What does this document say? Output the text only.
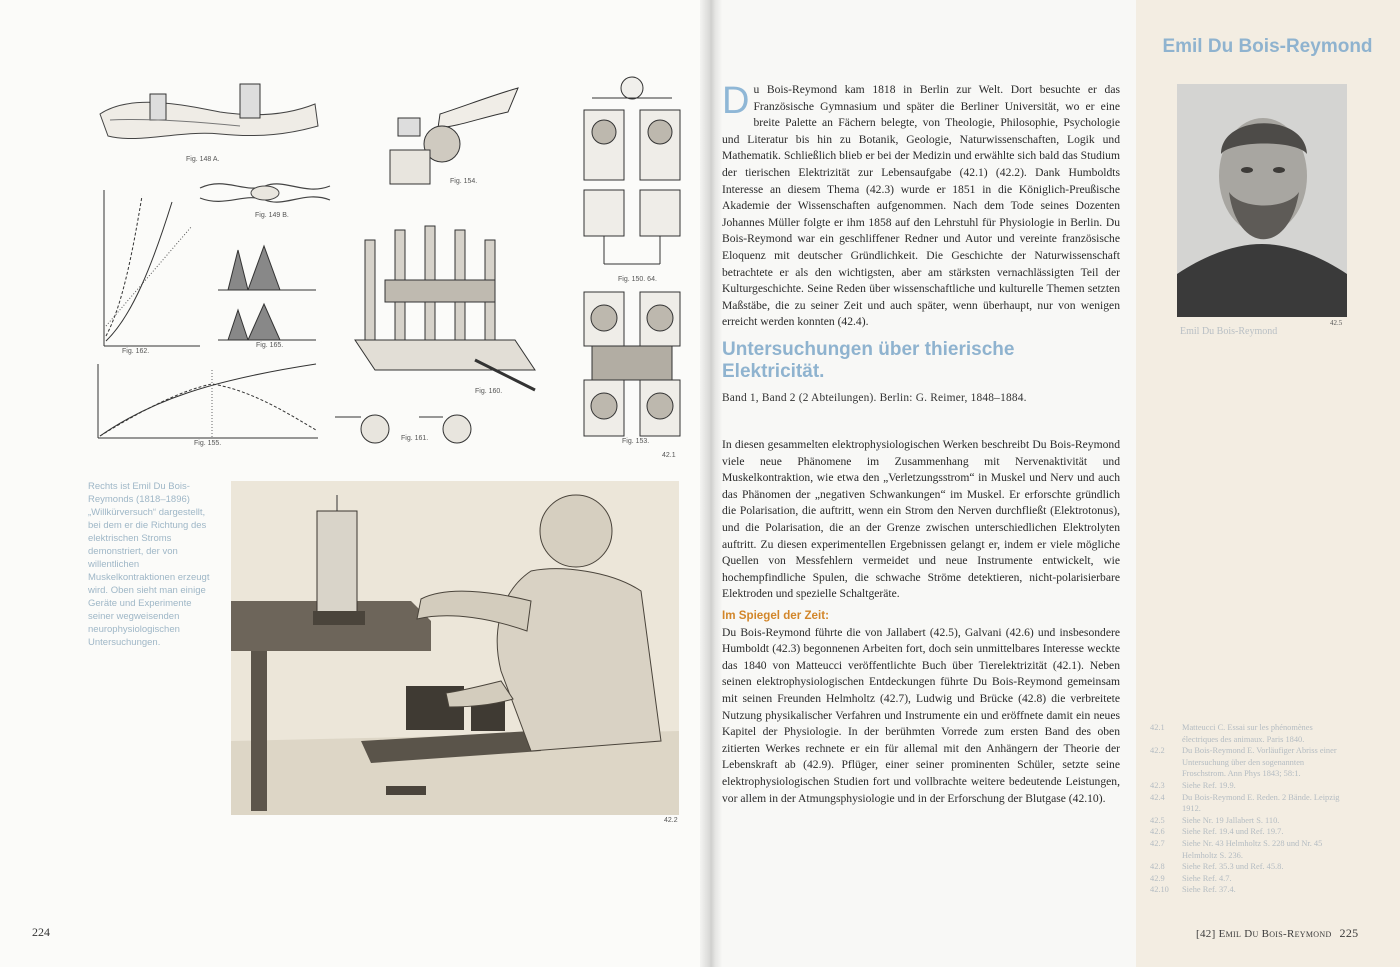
Fig. 148 A.
Fig. 149 B.
Fig. 154.
Fig. 162.
Fig. 165.
Fig. 155.
Fig. 160.
Fig. 161.
Fig. 150. 64.
Fig. 153.
42.1
42.2
Rechts ist Emil Du Bois-Reymonds (1818–1896) „Willkürversuch“ dargestellt, bei dem er die Richtung des elektrischen Stroms demonstriert, der von willentlichen Muskelkontraktionen erzeugt wird. Oben sieht man einige Geräte und Experimente seiner wegweisenden neurophysiologischen Untersuchungen.
224

Du Bois-Reymond kam 1818 in Berlin zur Welt. Dort besuchte er das Französische Gymnasium und später die Berliner Universität, wo er eine breite Palette an Fächern belegte, von Theologie, Philosophie, Psychologie und Literatur bis hin zu Botanik, Geologie, Naturwissenschaften, Logik und Mathematik. Schließlich blieb er bei der Medizin und erwählte sich bald das Studium der tierischen Elektrizität zur Lebensaufgabe (42.1) (42.2). Dank Humboldts Interesse an diesem Thema (42.3) wurde er 1851 in die Königlich-Preußische Akademie der Wissenschaften aufgenommen. Nach dem Tode seines Dozenten Johannes Müller folgte er ihm 1858 auf den Lehrstuhl für Physiologie in Berlin. Du Bois-Reymond war ein geschliffener Redner und Autor und vereinte französische Eloquenz mit deutscher Gründlichkeit. Die Geschichte der Naturwissenschaft betrachtete er als den wichtigsten, aber am stärksten vernachlässigten Teil der Kulturgeschichte. Seine Reden über wissenschaftliche und kulturelle Themen setzten Maßstäbe, die zu seiner Zeit und auch später, wenn überhaupt, nur von wenigen erreicht werden konnten (42.4).

Untersuchungen über thierische Elektricität.
Band 1, Band 2 (2 Abteilungen). Berlin: G. Reimer, 1848–1884.
In diesen gesammelten elektrophysiologischen Werken beschreibt Du Bois-Reymond viele neue Phänomene im Zusammenhang mit Nervenaktivität und Muskelkontraktion, wie etwa den „Verletzungsstrom“ in Muskel und Nerv und auch das Phänomen der „negativen Schwankungen“ im Muskel. Er erforschte gründlich die Polarisation, die auftritt, wenn ein Strom den Nerven durchfließt (Elektrotonus), und die Polarisation, die an der Grenze zwischen unterschiedlichen Elektrolyten auftritt. Zu diesen experimentellen Ergebnissen gelangt er, indem er viele mögliche Quellen von Messfehlern vermeidet und neue Instrumente entwickelt, wie hochempfindliche Spulen, die schwache Ströme detektieren, nicht-polarisierbare Elektroden und spezielle Schaltgeräte.
Im Spiegel der Zeit:

Du Bois-Reymond führte die von Jallabert (42.5), Galvani (42.6) und insbesondere Humboldt (42.3) begonnenen Arbeiten fort, doch sein unmittelbares Interesse weckte das 1840 von Matteucci veröffentlichte Buch über Tierelektrizität (42.1). Neben seinen elektrophysiologischen Entdeckungen führte Du Bois-Reymond gemeinsam mit seinen Freunden Helmholtz (42.7), Ludwig und Brücke (42.8) die verbreitete Nutzung physikalischer Verfahren und Instrumente ein und eröffnete damit ein neues Kapitel der Physiologie. In der berühmten Vorrede zum ersten Band des oben zitierten Werkes rechnete er ein für allemal mit den Anhängern der Theorie der Lebenskraft ab (42.9). Pflüger, einer seiner prominenten Schüler, setzte seine elektrophysiologischen Studien fort und vollbrachte weitere bedeutende Leistungen, vor allem in der Atmungsphysiologie und in der Erforschung der Blutgase (42.10).

Emil Du Bois-Reymond
42.5
Emil Du Bois-Reymond
42.1	Matteucci C. Essai sur les phénomènes électriques des animaux. Paris 1840.
42.2	Du Bois-Reymond E. Vorläufiger Abriss einer Untersuchung über den sogenannten Froschstrom. Ann Phys 1843; 58:1.
42.3	Siehe Ref. 19.9.
42.4	Du Bois-Reymond E. Reden. 2 Bände. Leipzig 1912.
42.5	Siehe Nr. 19 Jallabert S. 110.
42.6	Siehe Ref. 19.4 und Ref. 19.7.
42.7	Siehe Nr. 43 Helmholtz S. 228 und Nr. 45 Helmholtz S. 236.
42.8	Siehe Ref. 35.3 und Ref. 45.8.
42.9	Siehe Ref. 4.7.
42.10	Siehe Ref. 37.4.
[42] Emil Du Bois-Reymond 225
